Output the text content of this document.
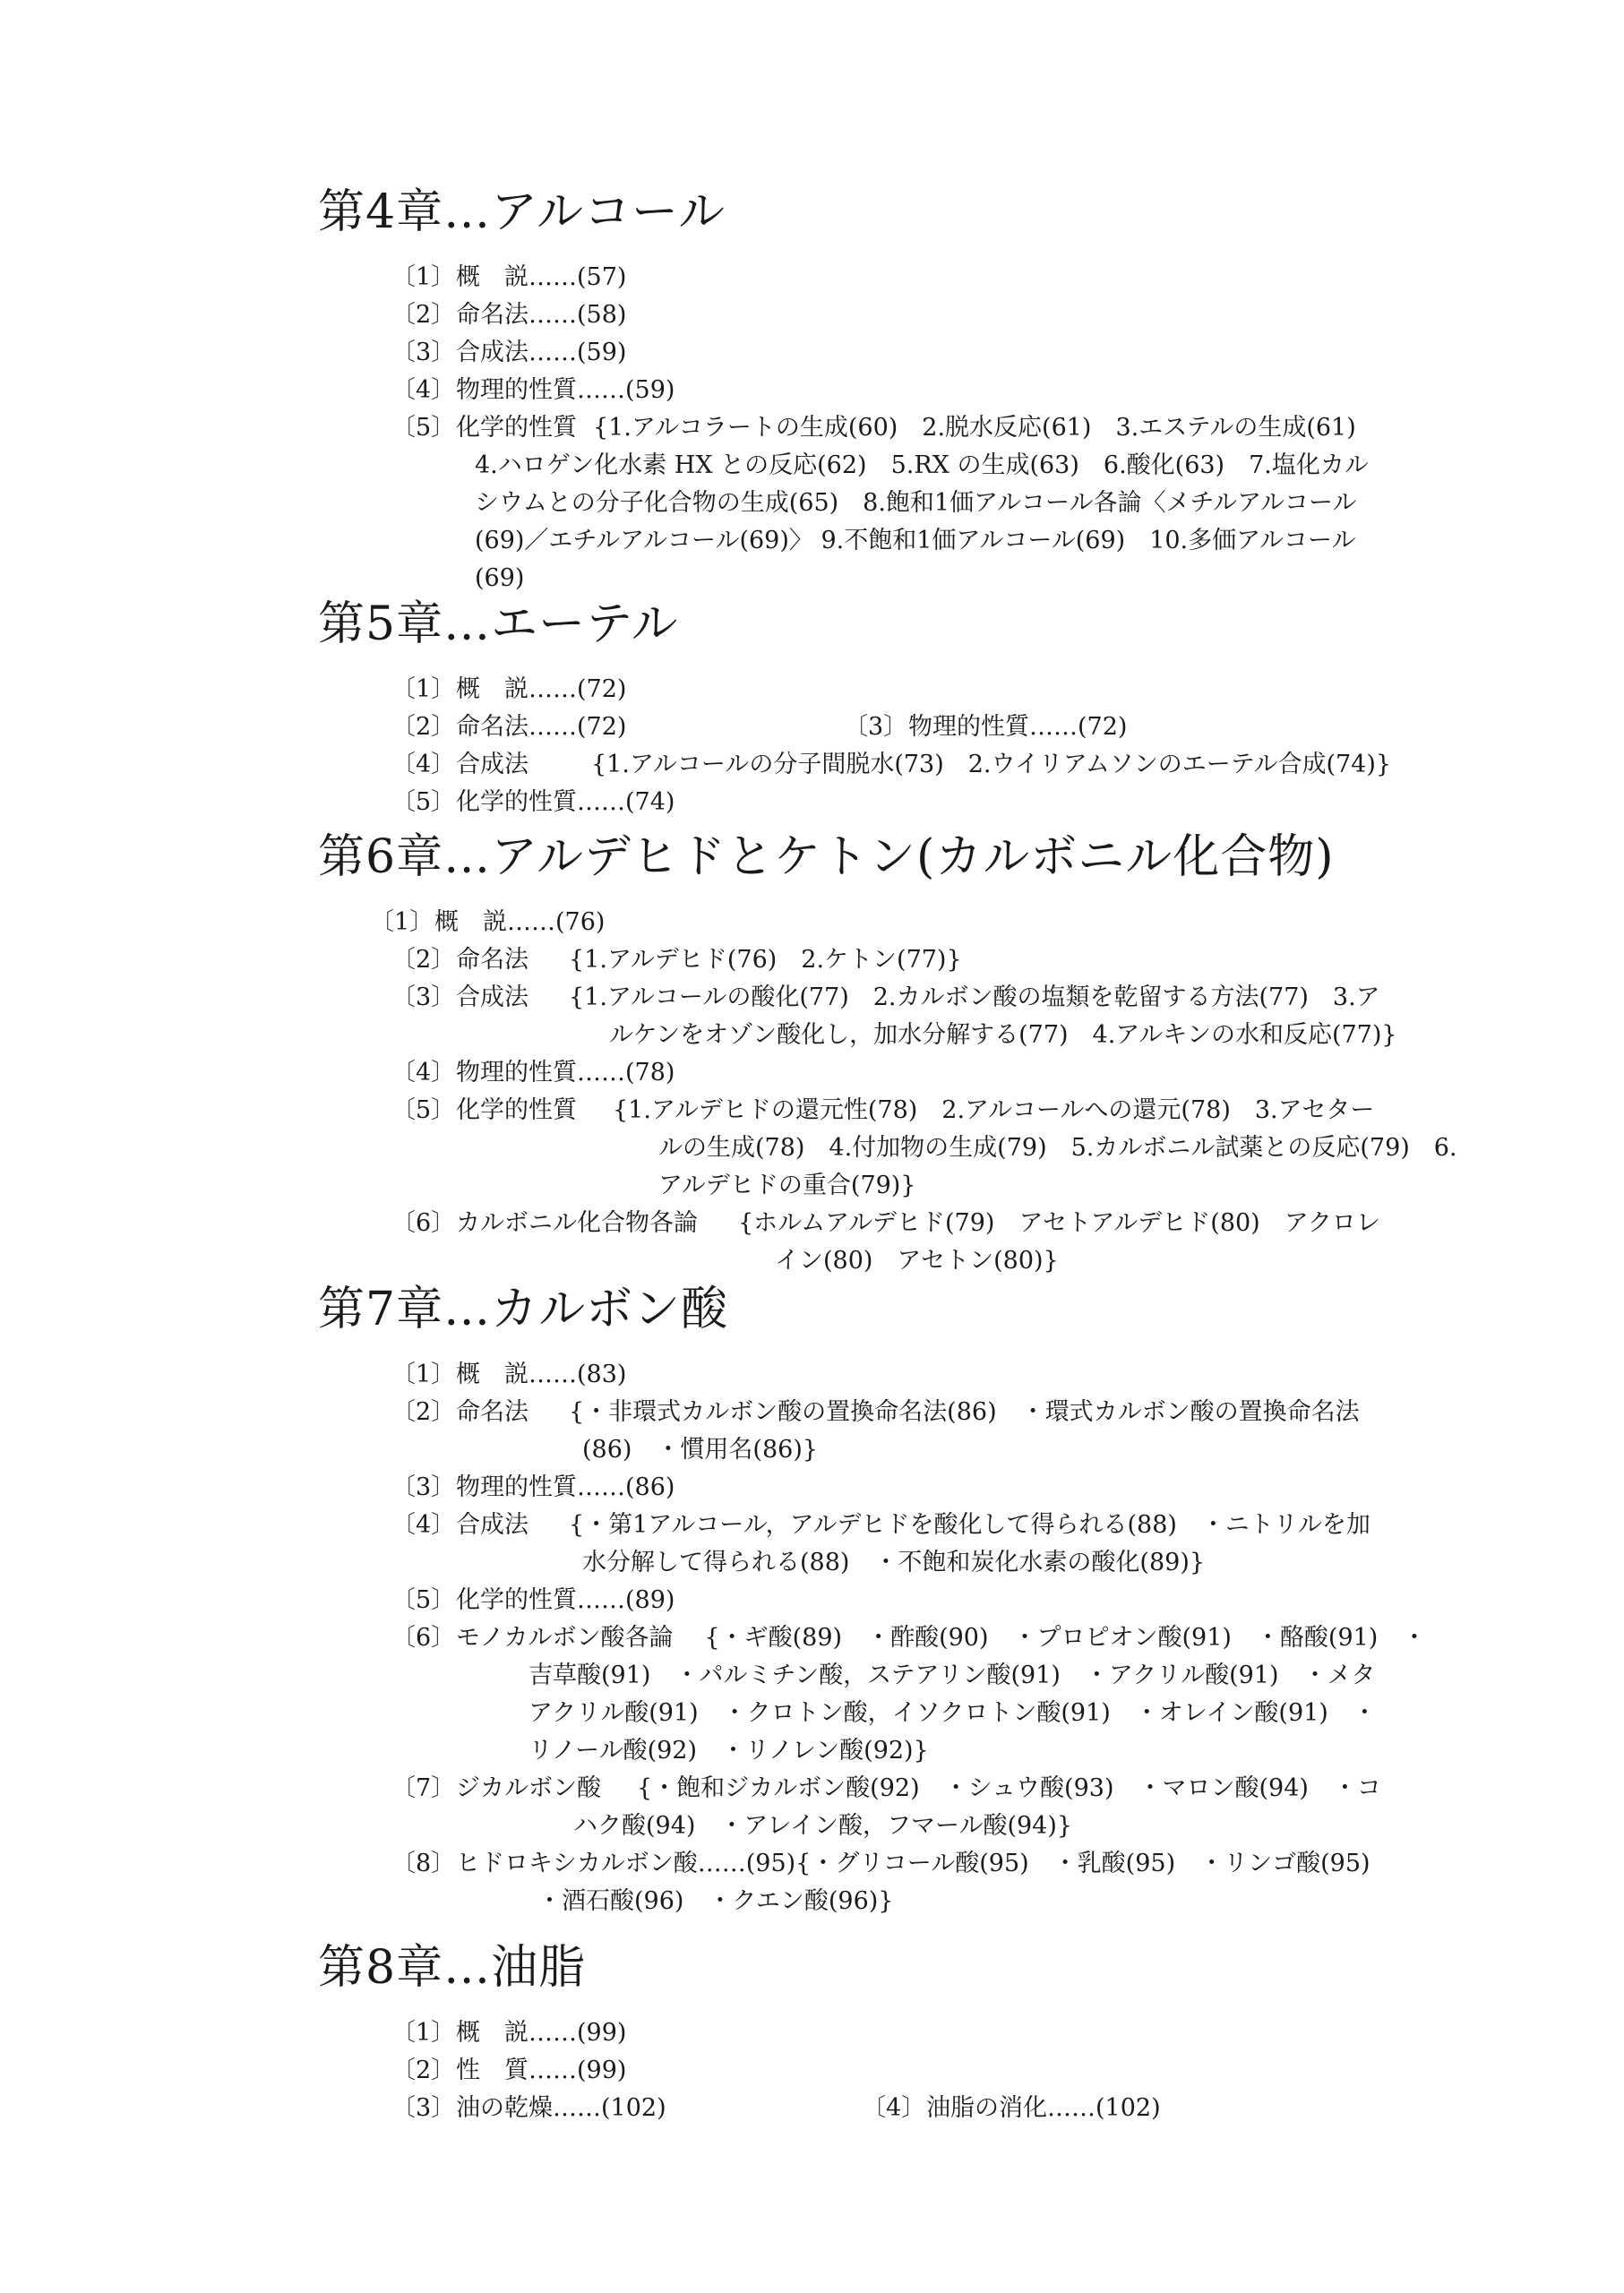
第4章…アルコール
〔1〕概　説……(57)
〔2〕命名法……(58)
〔3〕合成法……(59)
〔4〕物理的性質……(59)
〔5〕化学的性質 {1.アルコラートの生成(60)　2.脱水反応(61)　3.エステルの生成(61)
4.ハロゲン化水素 HX との反応(62)　5.RX の生成(63)　6.酸化(63)　7.塩化カル
シウムとの分子化合物の生成(65)　8.飽和1価アルコール各論〈メチルアルコール
(69)／エチルアルコール(69)〉 9.不飽和1価アルコール(69)　10.多価アルコール
(69)
第5章…エーテル
〔1〕概　説……(72)
〔2〕命名法……(72)	〔3〕物理的性質……(72)
〔4〕合成法	{1.アルコールの分子間脱水(73)　2.ウイリアムソンのエーテル合成(74)}
〔5〕化学的性質……(74)
第6章…アルデヒドとケトン(カルボニル化合物)
〔1〕概　説……(76)
〔2〕命名法 {1.アルデヒド(76)　2.ケトン(77)}
〔3〕合成法 {1.アルコールの酸化(77)　2.カルボン酸の塩類を乾留する方法(77)　3.ア
ルケンをオゾン酸化し，加水分解する(77)　4.アルキンの水和反応(77)}
〔4〕物理的性質……(78)
〔5〕化学的性質 {1.アルデヒドの還元性(78)　2.アルコールへの還元(78)　3.アセター
ルの生成(78)　4.付加物の生成(79)　5.カルボニル試薬との反応(79)　6.
アルデヒドの重合(79)}
〔6〕カルボニル化合物各論 {ホルムアルデヒド(79)　アセトアルデヒド(80)　アクロレ
イン(80)　アセトン(80)}
第7章…カルボン酸
〔1〕概　説……(83)
〔2〕命名法 {・非環式カルボン酸の置換命名法(86)　・環式カルボン酸の置換命名法
(86)　・慣用名(86)}
〔3〕物理的性質……(86)
〔4〕合成法 {・第1アルコール，アルデヒドを酸化して得られる(88)　・ニトリルを加
水分解して得られる(88)　・不飽和炭化水素の酸化(89)}
〔5〕化学的性質……(89)
〔6〕モノカルボン酸各論 {・ギ酸(89)　・酢酸(90)　・プロピオン酸(91)　・酪酸(91)　・
吉草酸(91)　・パルミチン酸，ステアリン酸(91)　・アクリル酸(91)　・メタ
アクリル酸(91)　・クロトン酸，イソクロトン酸(91)　・オレイン酸(91)　・
リノール酸(92)　・リノレン酸(92)}
〔7〕ジカルボン酸 {・飽和ジカルボン酸(92)　・シュウ酸(93)　・マロン酸(94)　・コ
ハク酸(94)　・アレイン酸，フマール酸(94)}
〔8〕ヒドロキシカルボン酸……(95){・グリコール酸(95)　・乳酸(95)　・リンゴ酸(95)
・酒石酸(96)　・クエン酸(96)}
第8章…油脂
〔1〕概　説……(99)
〔2〕性　質……(99)
〔3〕油の乾燥……(102)	〔4〕油脂の消化……(102)
